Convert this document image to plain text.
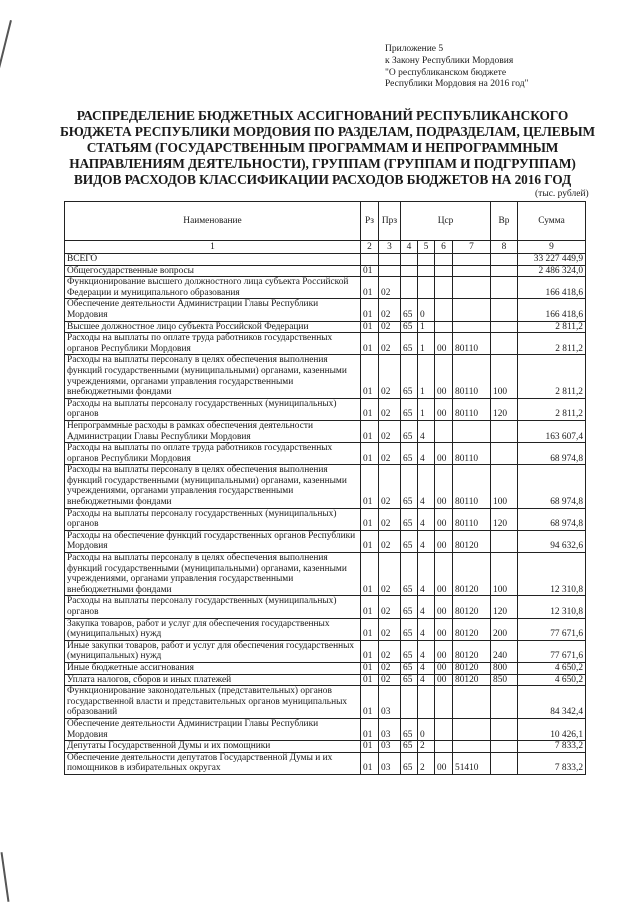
Приложение 5
к Закону Республики Мордовия
"О республиканском бюджете
Республики Мордовия на 2016 год"
РАСПРЕДЕЛЕНИЕ БЮДЖЕТНЫХ АССИГНОВАНИЙ РЕСПУБЛИКАНСКОГО
БЮДЖЕТА РЕСПУБЛИКИ МОРДОВИЯ ПО РАЗДЕЛАМ, ПОДРАЗДЕЛАМ, ЦЕЛЕВЫМ
СТАТЬЯМ (ГОСУДАРСТВЕННЫМ ПРОГРАММАМ И НЕПРОГРАММНЫМ
НАПРАВЛЕНИЯМ ДЕЯТЕЛЬНОСТИ), ГРУППАМ (ГРУППАМ И ПОДГРУППАМ)
ВИДОВ РАСХОДОВ КЛАССИФИКАЦИИ РАСХОДОВ БЮДЖЕТОВ НА 2016 ГОД
(тыс. рублей)
Наименование	Рз	Прз	Цср				Вр	Сумма
1	2	3	4	5	6	7	8	9
ВСЕГО								33 227 449,9
Общегосударственные вопросы	01							2 486 324,0
Функционирование высшего должностного лица субъекта Российской Федерации и муниципального образования	01	02						166 418,6
Обеспечение деятельности Администрации Главы Республики Мордовия	01	02	65	0				166 418,6
Высшее должностное лицо субъекта Российской Федерации	01	02	65	1				2 811,2
Расходы на выплаты по оплате труда работников государственных органов Республики Мордовия	01	02	65	1	00	80110		2 811,2
Расходы на выплаты персоналу в целях обеспечения выполнения функций государственными (муниципальными) органами, казенными учреждениями, органами управления государственными внебюджетными фондами	01	02	65	1	00	80110	100	2 811,2
Расходы на выплаты персоналу государственных (муниципальных) органов	01	02	65	1	00	80110	120	2 811,2
Непрограммные расходы в рамках обеспечения деятельности Администрации Главы Республики Мордовия	01	02	65	4				163 607,4
Расходы на выплаты по оплате труда работников государственных органов Республики Мордовия	01	02	65	4	00	80110		68 974,8
Расходы на выплаты персоналу в целях обеспечения выполнения функций государственными (муниципальными) органами, казенными учреждениями, органами управления государственными внебюджетными фондами	01	02	65	4	00	80110	100	68 974,8
Расходы на выплаты персоналу государственных (муниципальных) органов	01	02	65	4	00	80110	120	68 974,8
Расходы на обеспечение функций государственных органов Республики Мордовия	01	02	65	4	00	80120		94 632,6
Расходы на выплаты персоналу в целях обеспечения выполнения функций государственными (муниципальными) органами, казенными учреждениями, органами управления государственными внебюджетными фондами	01	02	65	4	00	80120	100	12 310,8
Расходы на выплаты персоналу государственных (муниципальных) органов	01	02	65	4	00	80120	120	12 310,8
Закупка товаров, работ и услуг для обеспечения государственных (муниципальных) нужд	01	02	65	4	00	80120	200	77 671,6
Иные закупки товаров, работ и услуг для обеспечения государственных (муниципальных) нужд	01	02	65	4	00	80120	240	77 671,6
Иные бюджетные ассигнования	01	02	65	4	00	80120	800	4 650,2
Уплата налогов, сборов и иных платежей	01	02	65	4	00	80120	850	4 650,2
Функционирование законодательных (представительных) органов государственной власти и представительных органов муниципальных образований	01	03						84 342,4
Обеспечение деятельности Администрации Главы Республики Мордовия	01	03	65	0				10 426,1
Депутаты Государственной Думы и их помощники	01	03	65	2				7 833,2
Обеспечение деятельности депутатов Государственной Думы и их помощников в избирательных округах	01	03	65	2	00	51410		7 833,2
